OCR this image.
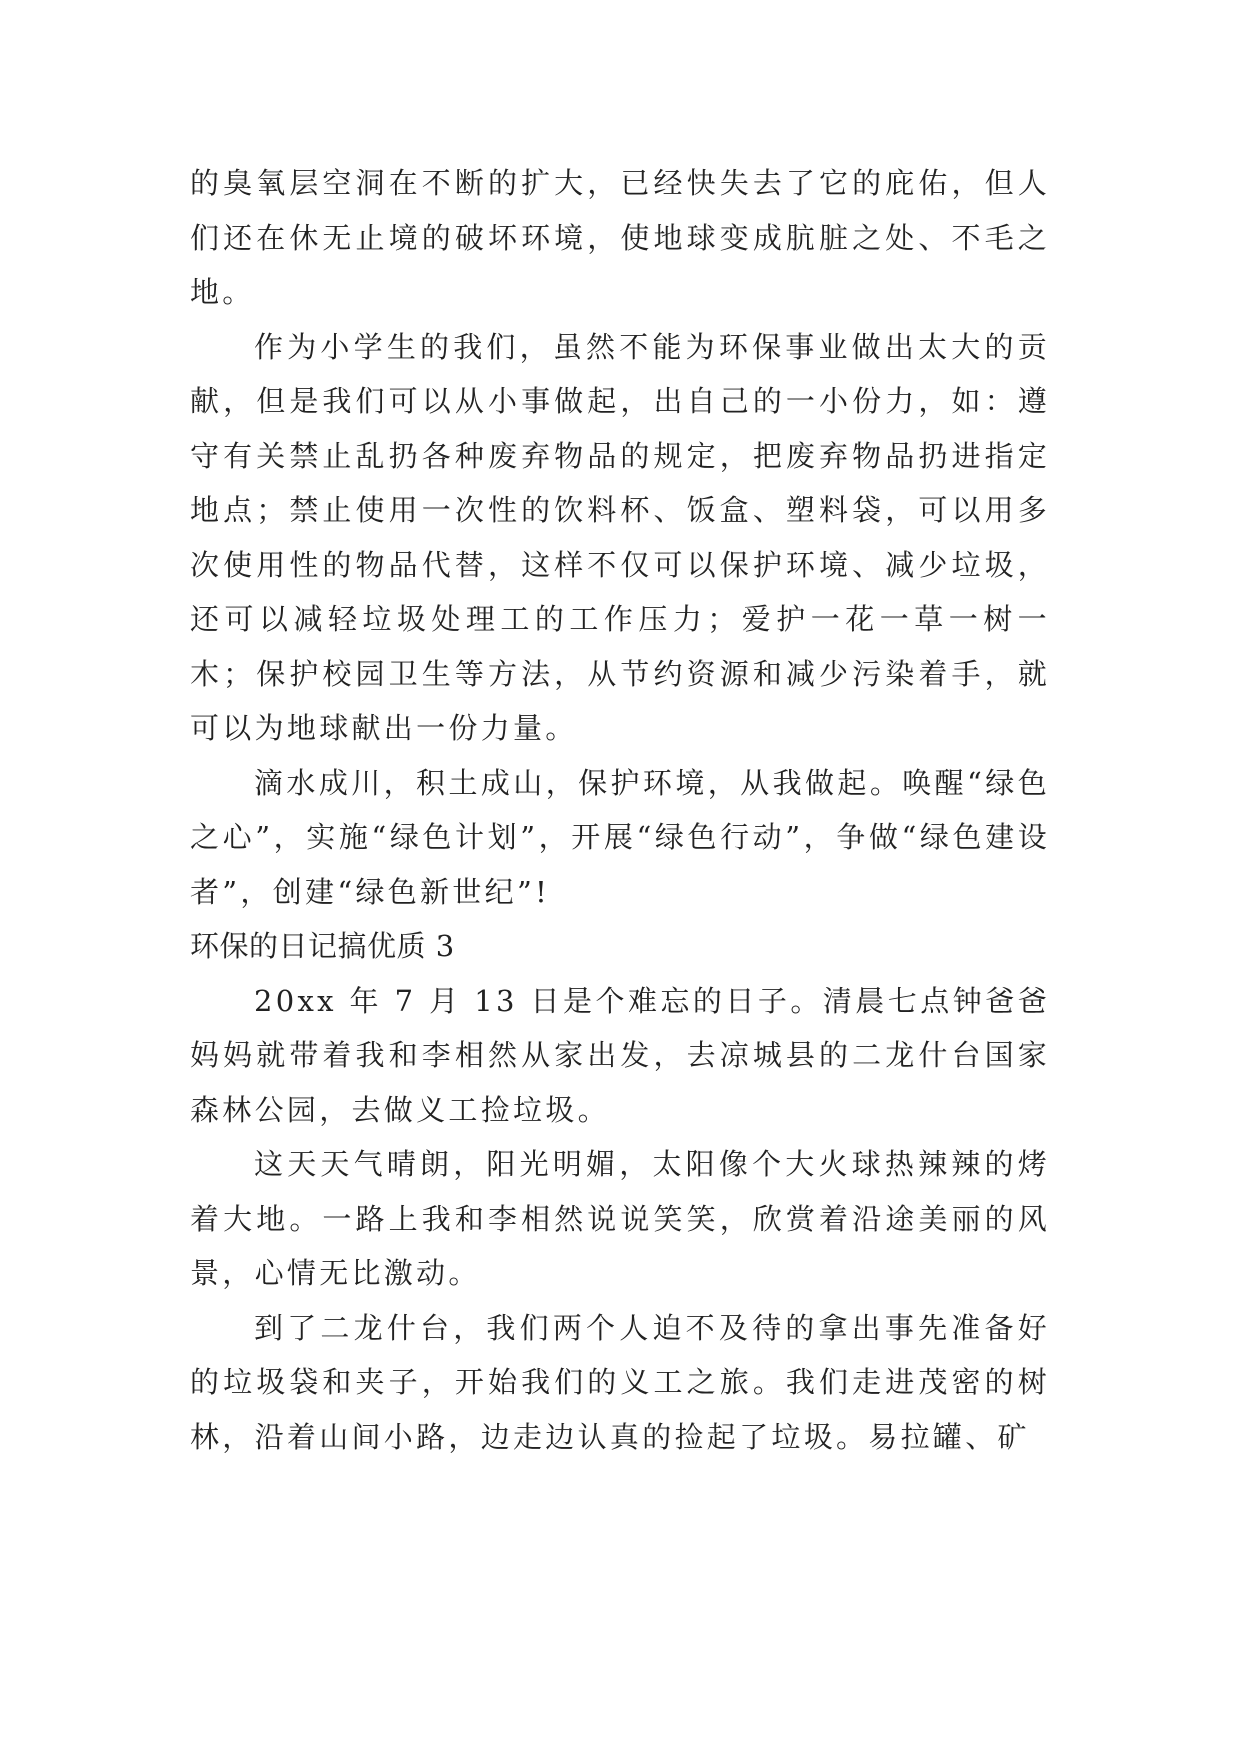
的臭氧层空洞在不断的扩大，已经快失去了它的庇佑，但人们还在休无止境的破坏环境，使地球变成肮脏之处、不毛之地。

作为小学生的我们，虽然不能为环保事业做出太大的贡献，但是我们可以从小事做起，出自己的一小份力，如：遵守有关禁止乱扔各种废弃物品的规定，把废弃物品扔进指定地点；禁止使用一次性的饮料杯、饭盒、塑料袋，可以用多次使用性的物品代替，这样不仅可以保护环境、减少垃圾，还可以减轻垃圾处理工的工作压力；爱护一花一草一树一木；保护校园卫生等方法，从节约资源和减少污染着手，就可以为地球献出一份力量。

滴水成川，积土成山，保护环境，从我做起。唤醒“绿色之心”，实施“绿色计划”，开展“绿色行动”，争做“绿色建设者”，创建“绿色新世纪”!

环保的日记搞优质 3

20xx 年 7 月 13 日是个难忘的日子。清晨七点钟爸爸妈妈就带着我和李相然从家出发，去凉城县的二龙什台国家森林公园，去做义工捡垃圾。

这天天气晴朗，阳光明媚，太阳像个大火球热辣辣的烤着大地。一路上我和李相然说说笑笑，欣赏着沿途美丽的风景，心情无比激动。

到了二龙什台，我们两个人迫不及待的拿出事先准备好的垃圾袋和夹子，开始我们的义工之旅。我们走进茂密的树林，沿着山间小路，边走边认真的捡起了垃圾。易拉罐、矿
